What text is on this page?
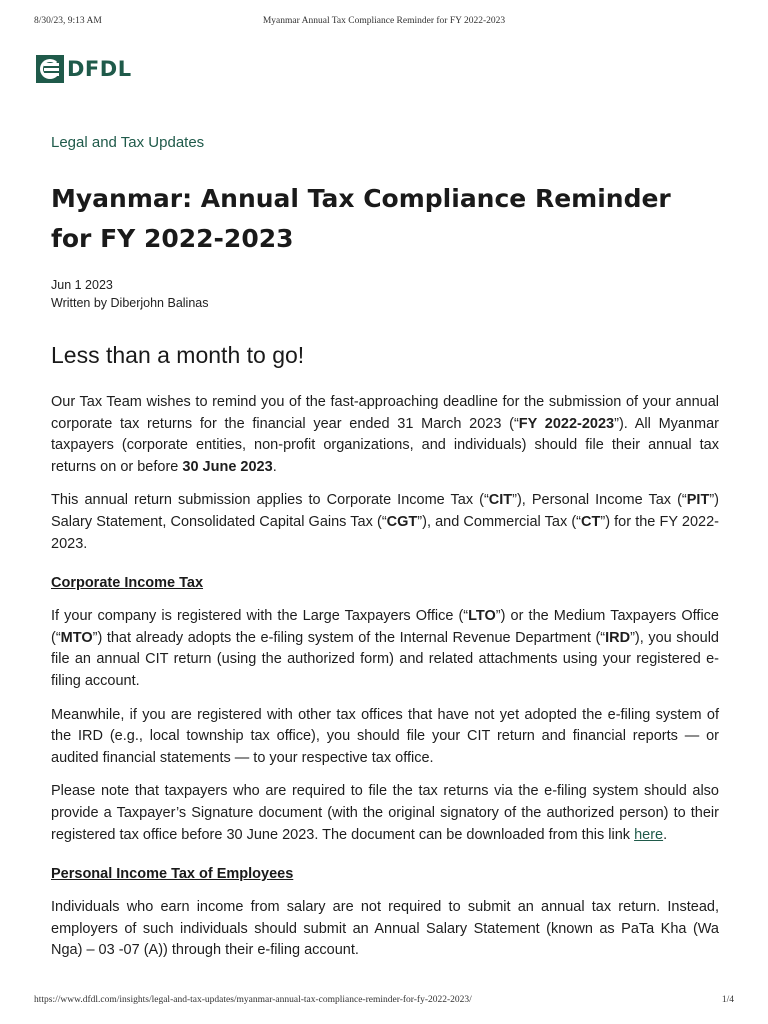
8/30/23, 9:13 AM	Myanmar Annual Tax Compliance Reminder for FY 2022-2023
DFDL
Legal and Tax Updates
Myanmar: Annual Tax Compliance Reminder for FY 2022-2023
Jun 1 2023
Written by Diberjohn Balinas
Less than a month to go!

Our Tax Team wishes to remind you of the fast-approaching deadline for the submission of your annual corporate tax returns for the financial year ended 31 March 2023 (“FY 2022-2023”). All Myanmar taxpayers (corporate entities, non-profit organizations, and individuals) should file their annual tax returns on or before 30 June 2023.

This annual return submission applies to Corporate Income Tax (“CIT”), Personal Income Tax (“PIT”) Salary Statement, Consolidated Capital Gains Tax (“CGT”), and Commercial Tax (“CT”) for the FY 2022-2023.

Corporate Income Tax

If your company is registered with the Large Taxpayers Office (“LTO”) or the Medium Taxpayers Office (“MTO”) that already adopts the e-filing system of the Internal Revenue Department (“IRD”), you should file an annual CIT return (using the authorized form) and related attachments using your registered e-filing account.

Meanwhile, if you are registered with other tax offices that have not yet adopted the e-filing system of the IRD (e.g., local township tax office), you should file your CIT return and financial reports — or audited financial statements — to your respective tax office.

Please note that taxpayers who are required to file the tax returns via the e-filing system should also provide a Taxpayer’s Signature document (with the original signatory of the authorized person) to their registered tax office before 30 June 2023. The document can be downloaded from this link here.

Personal Income Tax of Employees

Individuals who earn income from salary are not required to submit an annual tax return. Instead, employers of such individuals should submit an Annual Salary Statement (known as PaTa Kha (Wa Nga) – 03 -07 (A)) through their e-filing account.

https://www.dfdl.com/insights/legal-and-tax-updates/myanmar-annual-tax-compliance-reminder-for-fy-2022-2023/	1/4
